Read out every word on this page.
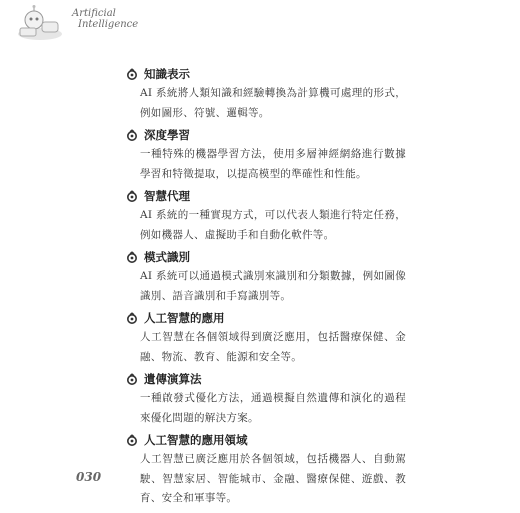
Artificial
Intelligence
知識表示

AI 系統將人類知識和經驗轉換為計算機可處理的形式，例如圖形、符號、邏輯等。

深度學習

一種特殊的機器學習方法，使用多層神經網絡進行數據學習和特徵提取，以提高模型的準確性和性能。

智慧代理

AI 系統的一種實現方式，可以代表人類進行特定任務，例如機器人、虛擬助手和自動化軟件等。

模式識別

AI 系統可以通過模式識別來識別和分類數據，例如圖像識別、語音識別和手寫識別等。

人工智慧的應用

人工智慧在各個領域得到廣泛應用，包括醫療保健、金融、物流、教育、能源和安全等。

遺傳演算法

一種啟發式優化方法，通過模擬自然遺傳和演化的過程來優化問題的解決方案。

人工智慧的應用領域

人工智慧已廣泛應用於各個領域，包括機器人、自動駕駛、智慧家居、智能城市、金融、醫療保健、遊戲、教育、安全和軍事等。

030
